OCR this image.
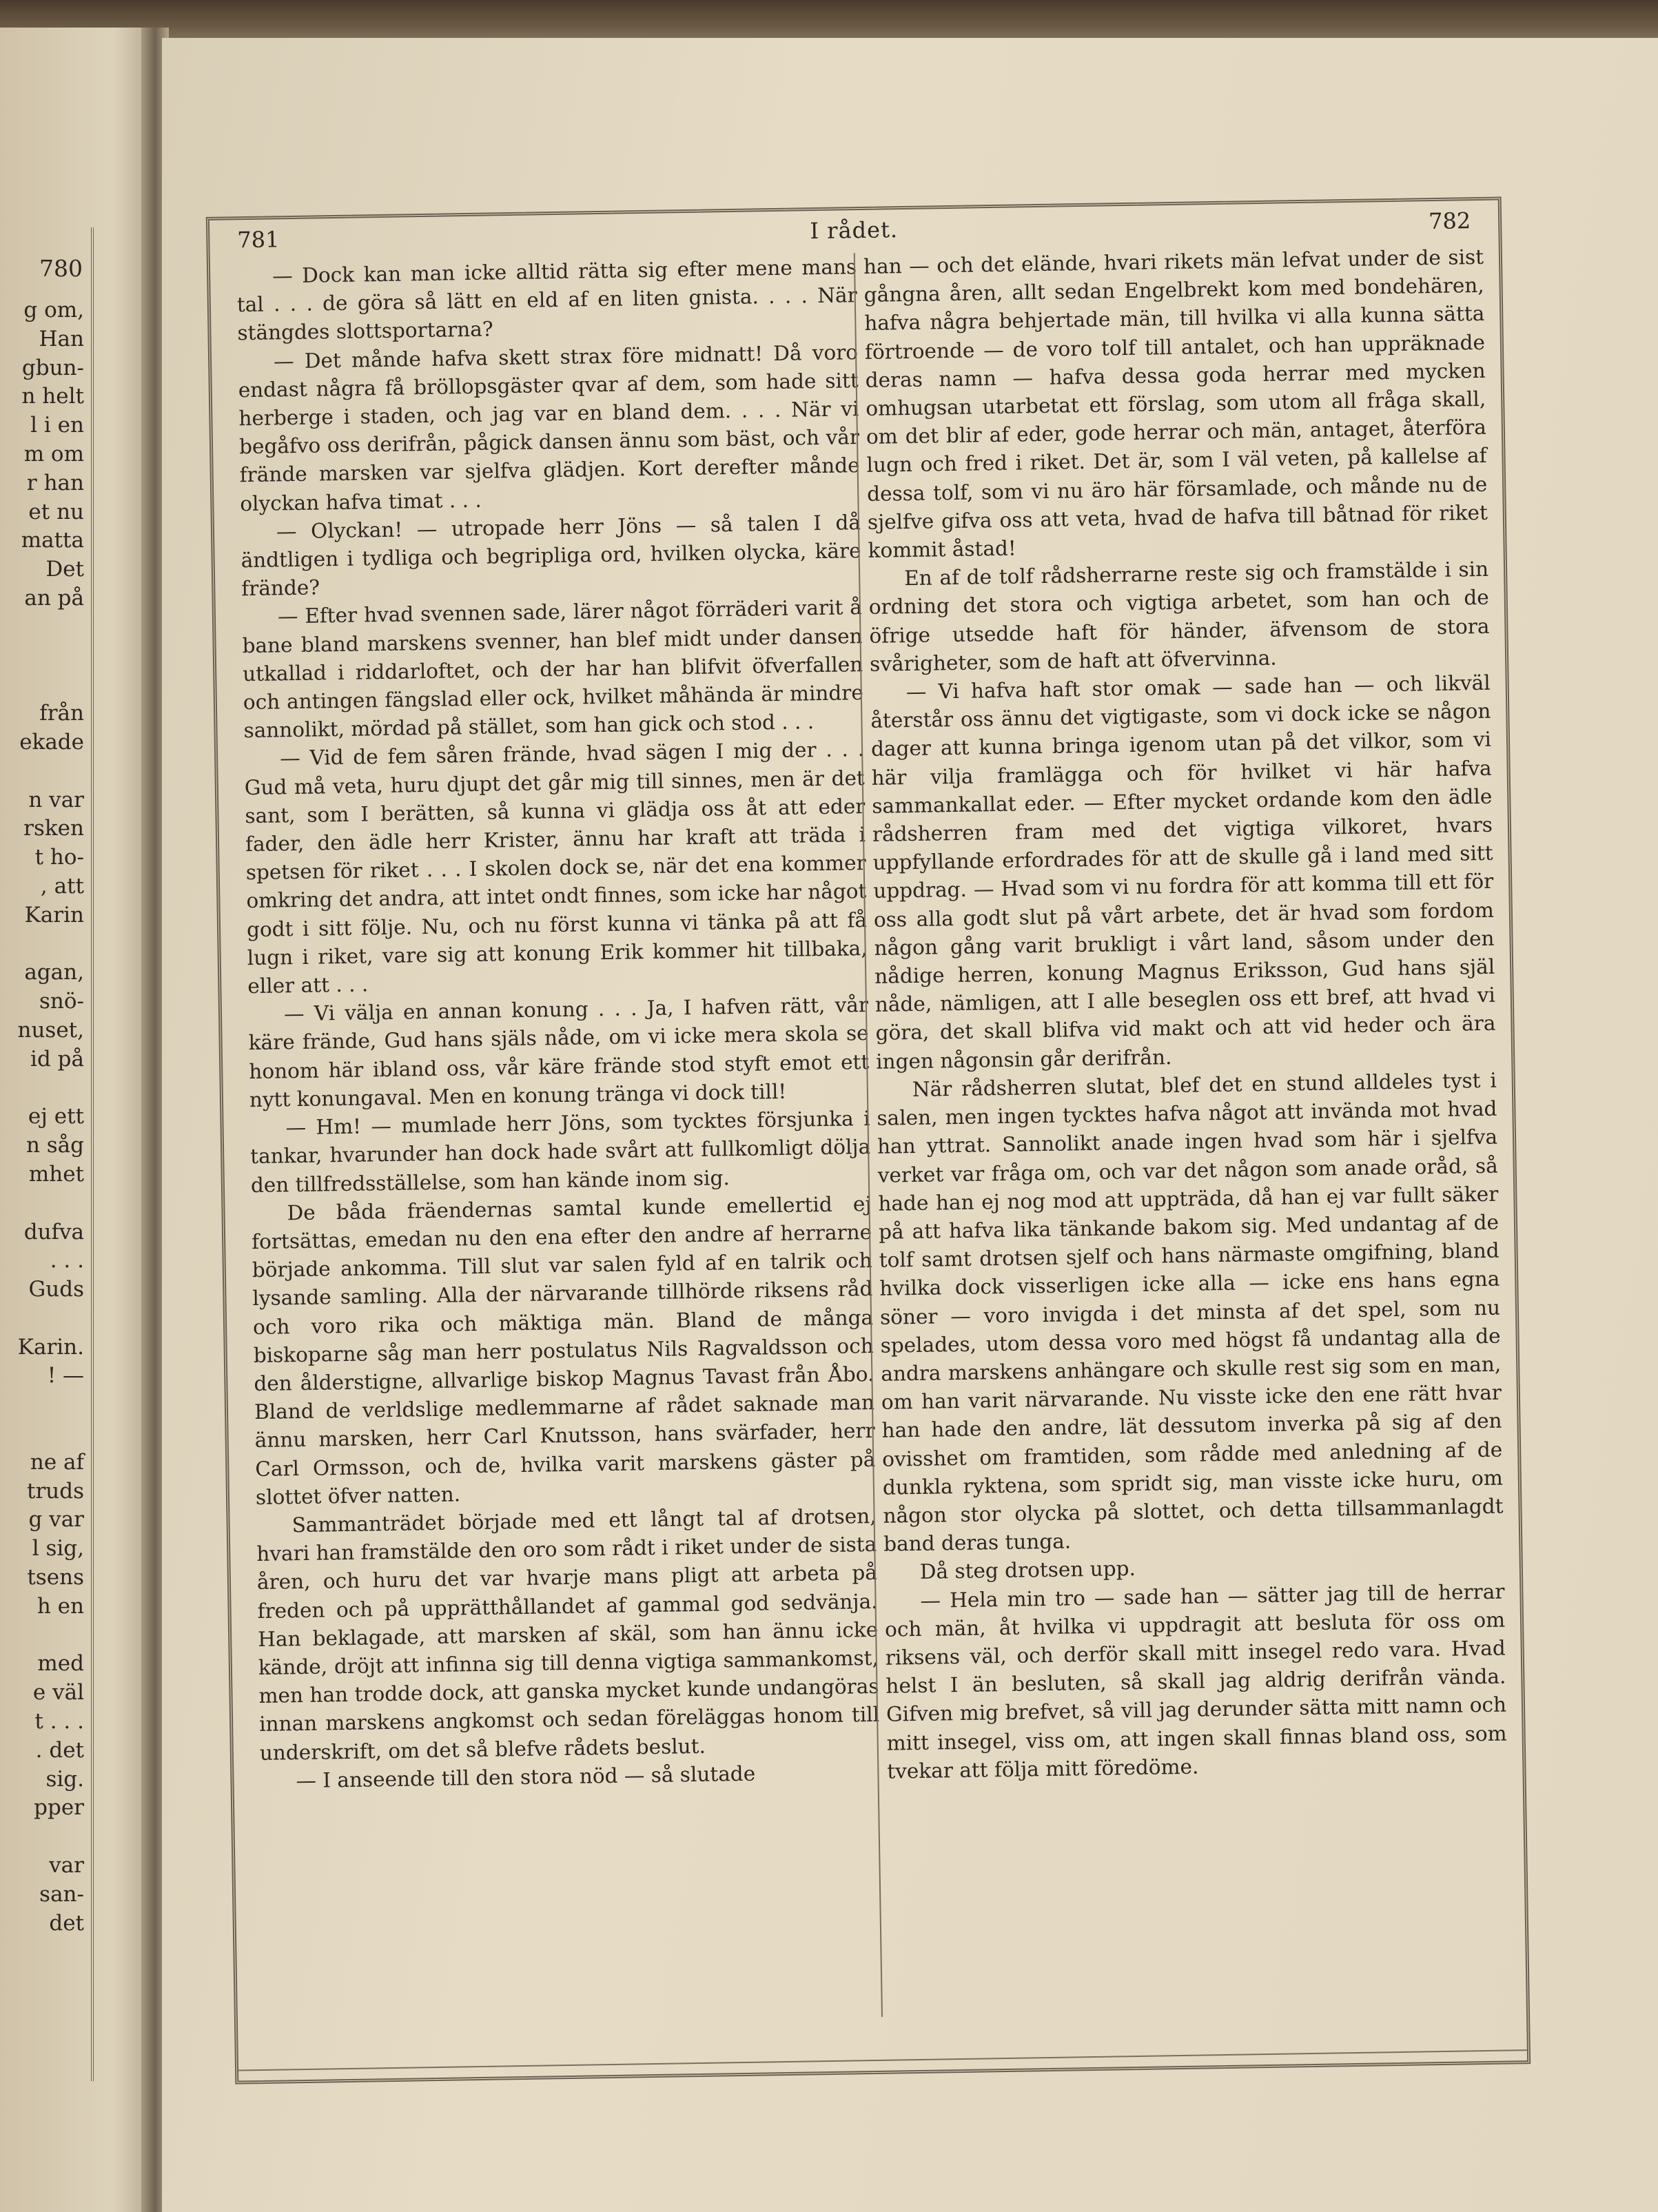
780
g om,
Han
gbun-
n helt
l i en
m om
r han
et nu
matta
Det
an på

från
ekade

n var
rsken
t ho-
, att
Karin

agan,
snö-
nuset,
id på

ej ett
n såg
mhet

dufva
. . .
Guds

Karin.
! —

ne af
truds
g var
l sig,
tsens
h en

med
e väl
t . . .
. det
sig.
pper

var
san-
det
781	I rådet.	782

— Dock kan man icke alltid rätta sig efter mene mans tal . . . de göra så lätt en eld af en liten gnista. . . . När stängdes slottsportarna?

— Det månde hafva skett strax före midnatt! Då voro endast några få bröllopsgäster qvar af dem, som hade sitt herberge i staden, och jag var en bland dem. . . . När vi begåfvo oss derifrån, pågick dansen ännu som bäst, och vår frände marsken var sjelfva glädjen. Kort derefter månde olyckan hafva timat . . .

— Olyckan! — utropade herr Jöns — så talen I då ändtligen i tydliga och begripliga ord, hvilken olycka, käre frände?

— Efter hvad svennen sade, lärer något förräderi varit å bane bland marskens svenner, han blef midt under dansen utkallad i riddarloftet, och der har han blifvit öfverfallen och antingen fängslad eller ock, hvilket måhända är mindre sannolikt, mördad på stället, som han gick och stod . . .

— Vid de fem såren frände, hvad sägen I mig der . . . Gud må veta, huru djupt det går mig till sinnes, men är det sant, som I berätten, så kunna vi glädja oss åt att eder fader, den ädle herr Krister, ännu har kraft att träda i spetsen för riket . . . I skolen dock se, när det ena kommer omkring det andra, att intet ondt finnes, som icke har något godt i sitt följe. Nu, och nu först kunna vi tänka på att få lugn i riket, vare sig att konung Erik kommer hit tillbaka, eller att . . .

— Vi välja en annan konung . . . Ja, I hafven rätt, vår käre frände, Gud hans själs nåde, om vi icke mera skola se honom här ibland oss, vår käre frände stod styft emot ett nytt konungaval. Men en konung tränga vi dock till!

— Hm! — mumlade herr Jöns, som tycktes försjunka i tankar, hvarunder han dock hade svårt att fullkomligt dölja den tillfredsställelse, som han kände inom sig.

De båda fräendernas samtal kunde emellertid ej fortsättas, emedan nu den ena efter den andre af herrarne började ankomma. Till slut var salen fyld af en talrik och lysande samling. Alla der närvarande tillhörde riksens råd och voro rika och mäktiga män. Bland de många biskoparne såg man herr postulatus Nils Ragvaldsson och den ålderstigne, allvarlige biskop Magnus Tavast från Åbo. Bland de verldslige medlemmarne af rådet saknade man ännu marsken, herr Carl Knutsson, hans svärfader, herr Carl Ormsson, och de, hvilka varit marskens gäster på slottet öfver natten.

Sammanträdet började med ett långt tal af drotsen, hvari han framstälde den oro som rådt i riket under de sista åren, och huru det var hvarje mans pligt att arbeta på freden och på upprätthållandet af gammal god sedvänja. Han beklagade, att marsken af skäl, som han ännu icke kände, dröjt att infinna sig till denna vigtiga sammankomst, men han trodde dock, att ganska mycket kunde undangöras innan marskens angkomst och sedan föreläggas honom till underskrift, om det så blefve rådets beslut.

— I anseende till den stora nöd — så slutade

han — och det elände, hvari rikets män lefvat under de sist gångna åren, allt sedan Engelbrekt kom med bondehären, hafva några behjertade män, till hvilka vi alla kunna sätta förtroende — de voro tolf till antalet, och han uppräknade deras namn — hafva dessa goda herrar med mycken omhugsan utarbetat ett förslag, som utom all fråga skall, om det blir af eder, gode herrar och män, antaget, återföra lugn och fred i riket. Det är, som I väl veten, på kallelse af dessa tolf, som vi nu äro här församlade, och månde nu de sjelfve gifva oss att veta, hvad de hafva till båtnad för riket kommit åstad!

En af de tolf rådsherrarne reste sig och framstälde i sin ordning det stora och vigtiga arbetet, som han och de öfrige utsedde haft för händer, äfvensom de stora svårigheter, som de haft att öfvervinna.

— Vi hafva haft stor omak — sade han — och likväl återstår oss ännu det vigtigaste, som vi dock icke se någon dager att kunna bringa igenom utan på det vilkor, som vi här vilja framlägga och för hvilket vi här hafva sammankallat eder. — Efter mycket ordande kom den ädle rådsherren fram med det vigtiga vilkoret, hvars uppfyllande erfordrades för att de skulle gå i land med sitt uppdrag. — Hvad som vi nu fordra för att komma till ett för oss alla godt slut på vårt arbete, det är hvad som fordom någon gång varit brukligt i vårt land, såsom under den nådige herren, konung Magnus Eriksson, Gud hans själ nåde, nämligen, att I alle beseglen oss ett bref, att hvad vi göra, det skall blifva vid makt och att vid heder och ära ingen någonsin går derifrån.

När rådsherren slutat, blef det en stund alldeles tyst i salen, men ingen tycktes hafva något att invända mot hvad han yttrat. Sannolikt anade ingen hvad som här i sjelfva verket var fråga om, och var det någon som anade oråd, så hade han ej nog mod att uppträda, då han ej var fullt säker på att hafva lika tänkande bakom sig. Med undantag af de tolf samt drotsen sjelf och hans närmaste omgifning, bland hvilka dock visserligen icke alla — icke ens hans egna söner — voro invigda i det minsta af det spel, som nu spelades, utom dessa voro med högst få undantag alla de andra marskens anhängare och skulle rest sig som en man, om han varit närvarande. Nu visste icke den ene rätt hvar han hade den andre, lät dessutom inverka på sig af den ovisshet om framtiden, som rådde med anledning af de dunkla ryktena, som spridt sig, man visste icke huru, om någon stor olycka på slottet, och detta tillsammanlagdt band deras tunga.

Då steg drotsen upp.

— Hela min tro — sade han — sätter jag till de herrar och män, åt hvilka vi uppdragit att besluta för oss om riksens väl, och derför skall mitt insegel redo vara. Hvad helst I än besluten, så skall jag aldrig derifrån vända. Gifven mig brefvet, så vill jag derunder sätta mitt namn och mitt insegel, viss om, att ingen skall finnas bland oss, som tvekar att följa mitt föredöme.
